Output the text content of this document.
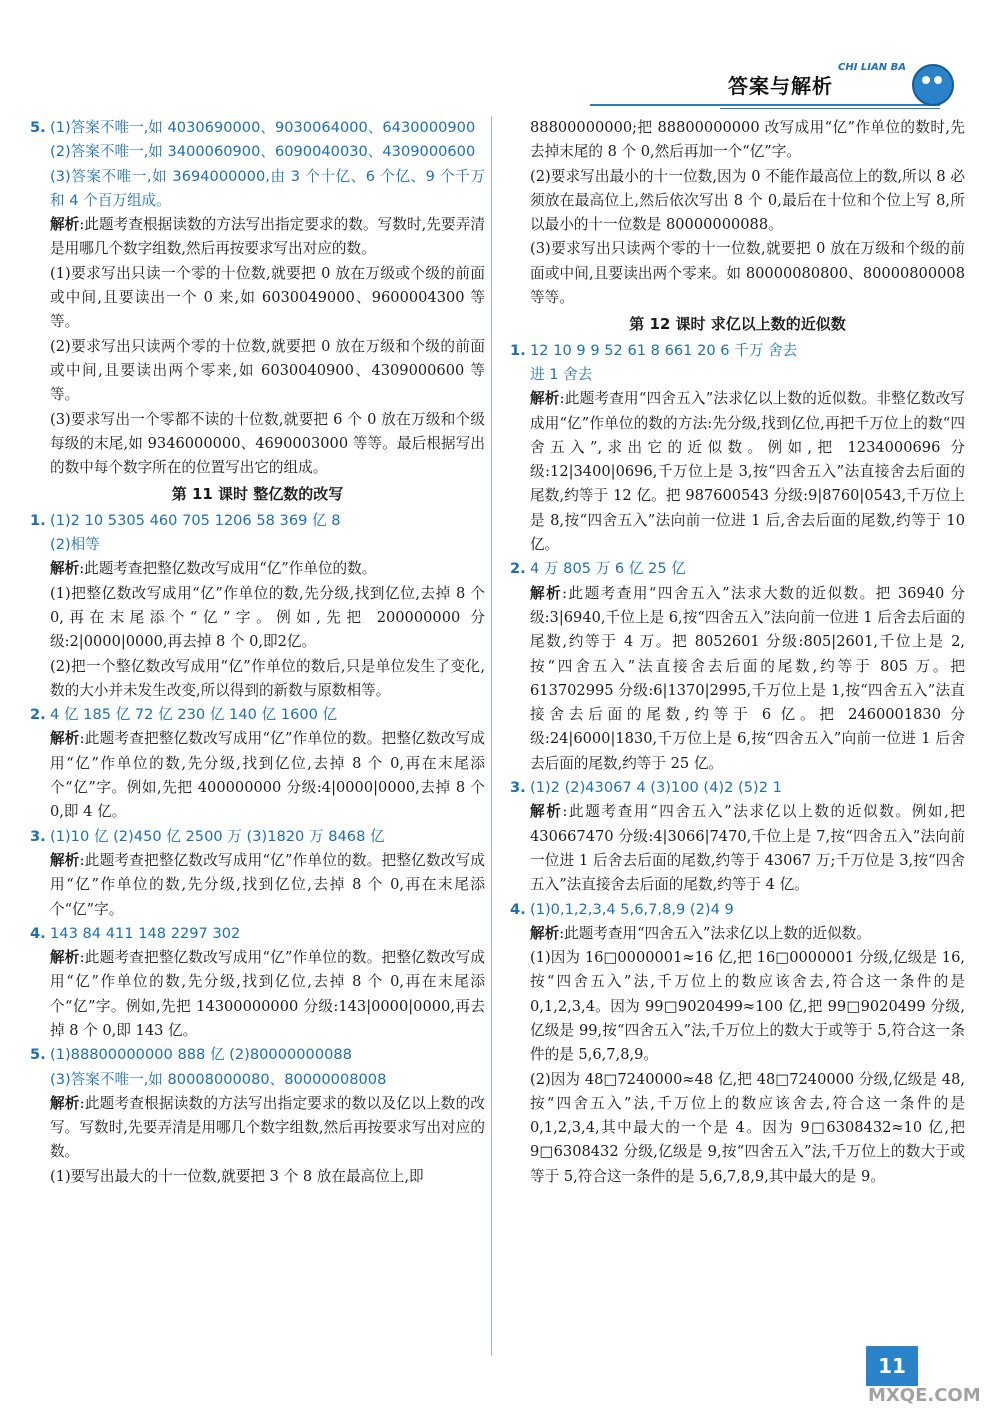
答案与解析
CHI LIAN BA
5. (1)答案不唯一,如 4030690000、9030064000、6430000900
(2)答案不唯一,如 3400060900、6090040030、4309000600
(3)答案不唯一,如 3694000000,由 3 个十亿、6 个亿、9 个千万和 4 个百万组成。
解析:此题考查根据读数的方法写出指定要求的数。写数时,先要弄清是用哪几个数字组数,然后再按要求写出对应的数。
(1)要求写出只读一个零的十位数,就要把 0 放在万级或个级的前面或中间,且要读出一个 0 来,如 6030049000、9600004300 等等。
(2)要求写出只读两个零的十位数,就要把 0 放在万级和个级的前面或中间,且要读出两个零来,如 6030040900、4309000600 等等。
(3)要求写出一个零都不读的十位数,就要把 6 个 0 放在万级和个级每级的末尾,如 9346000000、4690003000 等等。最后根据写出的数中每个数字所在的位置写出它的组成。
第 11 课时 整亿数的改写
1. (1)2 10 5305 460 705 1206 58 369 亿 8
(2)相等
解析:此题考查把整亿数改写成用“亿”作单位的数。
(1)把整亿数改写成用“亿”作单位的数,先分级,找到亿位,去掉 8 个 0,再在末尾添个“亿”字。例如,先把 200000000 分级:2|0000|0000,再去掉 8 个 0,即2亿。
(2)把一个整亿数改写成用“亿”作单位的数后,只是单位发生了变化,数的大小并未发生改变,所以得到的新数与原数相等。
2. 4 亿 185 亿 72 亿 230 亿 140 亿 1600 亿
解析:此题考查把整亿数改写成用“亿”作单位的数。把整亿数改写成用“亿”作单位的数,先分级,找到亿位,去掉 8 个 0,再在末尾添个“亿”字。例如,先把 400000000 分级:4|0000|0000,去掉 8 个 0,即 4 亿。
3. (1)10 亿 (2)450 亿 2500 万 (3)1820 万 8468 亿
解析:此题考查把整亿数改写成用“亿”作单位的数。把整亿数改写成用“亿”作单位的数,先分级,找到亿位,去掉 8 个 0,再在末尾添个“亿”字。
4. 143 84 411 148 2297 302
解析:此题考查把整亿数改写成用“亿”作单位的数。把整亿数改写成用“亿”作单位的数,先分级,找到亿位,去掉 8 个 0,再在末尾添个“亿”字。例如,先把 14300000000 分级:143|0000|0000,再去掉 8 个 0,即 143 亿。
5. (1)88800000000 888 亿 (2)80000000088
(3)答案不唯一,如 80008000080、80000008008
解析:此题考查根据读数的方法写出指定要求的数以及亿以上数的改写。写数时,先要弄清是用哪几个数字组数,然后再按要求写出对应的数。
(1)要写出最大的十一位数,就要把 3 个 8 放在最高位上,即
88800000000;把 88800000000 改写成用“亿”作单位的数时,先去掉末尾的 8 个 0,然后再加一个“亿”字。
(2)要求写出最小的十一位数,因为 0 不能作最高位上的数,所以 8 必须放在最高位上,然后依次写出 8 个 0,最后在十位和个位上写 8,所以最小的十一位数是 80000000088。
(3)要求写出只读两个零的十一位数,就要把 0 放在万级和个级的前面或中间,且要读出两个零来。如 80000080800、80000800008 等等。
第 12 课时 求亿以上数的近似数
1. 12 10 9 9 52 61 8 661 20 6 千万 舍去
进 1 舍去
解析:此题考查用“四舍五入”法求亿以上数的近似数。非整亿数改写成用“亿”作单位的数的方法:先分级,找到亿位,再把千万位上的数“四舍五入”,求出它的近似数。例如,把 1234000696 分级:12|3400|0696,千万位上是 3,按“四舍五入”法直接舍去后面的尾数,约等于 12 亿。把 987600543 分级:9|8760|0543,千万位上是 8,按“四舍五入”法向前一位进 1 后,舍去后面的尾数,约等于 10 亿。
2. 4 万 805 万 6 亿 25 亿
解析:此题考查用“四舍五入”法求大数的近似数。把 36940 分级:3|6940,千位上是 6,按“四舍五入”法向前一位进 1 后舍去后面的尾数,约等于 4 万。把 8052601 分级:805|2601,千位上是 2,按“四舍五入”法直接舍去后面的尾数,约等于 805 万。把 613702995 分级:6|1370|2995,千万位上是 1,按“四舍五入”法直接舍去后面的尾数,约等于 6 亿。把 2460001830 分级:24|6000|1830,千万位上是 6,按“四舍五入”向前一位进 1 后舍去后面的尾数,约等于 25 亿。
3. (1)2 (2)43067 4 (3)100 (4)2 (5)2 1
解析:此题考查用“四舍五入”法求亿以上数的近似数。例如,把 430667470 分级:4|3066|7470,千位上是 7,按“四舍五入”法向前一位进 1 后舍去后面的尾数,约等于 43067 万;千万位是 3,按“四舍五入”法直接舍去后面的尾数,约等于 4 亿。
4. (1)0,1,2,3,4 5,6,7,8,9 (2)4 9
解析:此题考查用“四舍五入”法求亿以上数的近似数。
(1)因为 16□0000001≈16 亿,把 16□0000001 分级,亿级是 16,按“四舍五入”法,千万位上的数应该舍去,符合这一条件的是 0,1,2,3,4。因为 99□9020499≈100 亿,把 99□9020499 分级,亿级是 99,按“四舍五入”法,千万位上的数大于或等于 5,符合这一条件的是 5,6,7,8,9。
(2)因为 48□7240000≈48 亿,把 48□7240000 分级,亿级是 48,按“四舍五入”法,千万位上的数应该舍去,符合这一条件的是 0,1,2,3,4,其中最大的一个是 4。因为 9□6308432≈10 亿,把 9□6308432 分级,亿级是 9,按“四舍五入”法,千万位上的数大于或等于 5,符合这一条件的是 5,6,7,8,9,其中最大的是 9。
11
MXQE.COM
